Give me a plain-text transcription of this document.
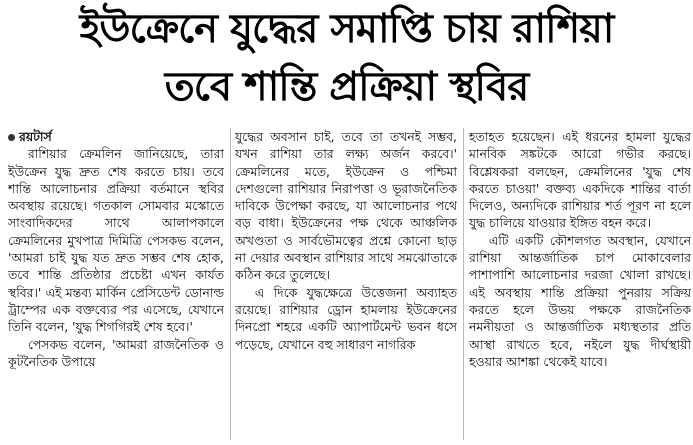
ইউক্রেনে যুদ্ধের সমাপ্তি চায় রাশিয়া
তবে শান্তি প্রক্রিয়া স্থবির

রয়টার্স

রাশিয়ার ক্রেমলিন জানিয়েছে, তারা ইউক্রেন যুদ্ধ দ্রুত শেষ করতে চায়। তবে শান্তি আলোচনার প্রক্রিয়া বর্তমানে স্থবির অবস্থায় রয়েছে। গতকাল সোমবার মস্কোতে সাংবাদিকদের সাথে আলাপকালে ক্রেমলিনের মুখপাত্র দিমিত্রি পেসকভ বলেন, 'আমরা চাই যুদ্ধ যত দ্রুত সম্ভব শেষ হোক, তবে শান্তি প্রতিষ্ঠার প্রচেষ্টা এখন কার্যত স্থবির।' এই মন্তব্য মার্কিন প্রেসিডেন্ট ডোনাল্ড ট্রাম্পের এক বক্তব্যের পর এসেছে, যেখানে তিনি বলেন, 'যুদ্ধ শিগগিরই শেষ হবে।'

পেসকভ বলেন, 'আমরা রাজনৈতিক ও কূটনৈতিক উপায়ে

যুদ্ধের অবসান চাই, তবে তা তখনই সম্ভব, যখন রাশিয়া তার লক্ষ্য অর্জন করবে।' ক্রেমলিনের মতে, ইউক্রেন ও পশ্চিমা দেশগুলো রাশিয়ার নিরাপত্তা ও ভূরাজনৈতিক দাবিকে উপেক্ষা করছে, যা আলোচনার পথে বড় বাধা। ইউক্রেনের পক্ষ থেকে আঞ্চলিক অখণ্ডতা ও সার্বভৌমত্বের প্রশ্নে কোনো ছাড় না দেয়ার অবস্থান রাশিয়ার সাথে সমঝোতাকে কঠিন করে তুলেছে।

এ দিকে যুদ্ধক্ষেত্রে উত্তেজনা অব্যাহত রয়েছে। রাশিয়ার ড্রোন হামলায় ইউক্রেনের দিনপ্রো শহরে একটি অ্যাপার্টমেন্ট ভবন ধসে পড়েছে, যেখানে বহু সাধারণ নাগরিক

হতাহত হয়েছেন। এই ধরনের হামলা যুদ্ধের মানবিক সঙ্কটকে আরো গভীর করছে। বিশ্লেষকরা বলছেন, ক্রেমলিনের 'যুদ্ধ শেষ করতে চাওয়া' বক্তব্য একদিকে শান্তির বার্তা দিলেও, অন্যদিকে রাশিয়ার শর্ত পূরণ না হলে যুদ্ধ চালিয়ে যাওয়ার ইঙ্গিত বহন করে।

এটি একটি কৌশলগত অবস্থান, যেখানে রাশিয়া আন্তর্জাতিক চাপ মোকাবেলার পাশাপাশি আলোচনার দরজা খোলা রাখছে। এই অবস্থায় শান্তি প্রক্রিয়া পুনরায় সক্রিয় করতে হলে উভয় পক্ষকে রাজনৈতিক নমনীয়তা ও আন্তর্জাতিক মধ্যস্থতার প্রতি আস্থা রাখতে হবে, নইলে যুদ্ধ দীর্ঘস্থায়ী হওয়ার আশঙ্কা থেকেই যাবে।
